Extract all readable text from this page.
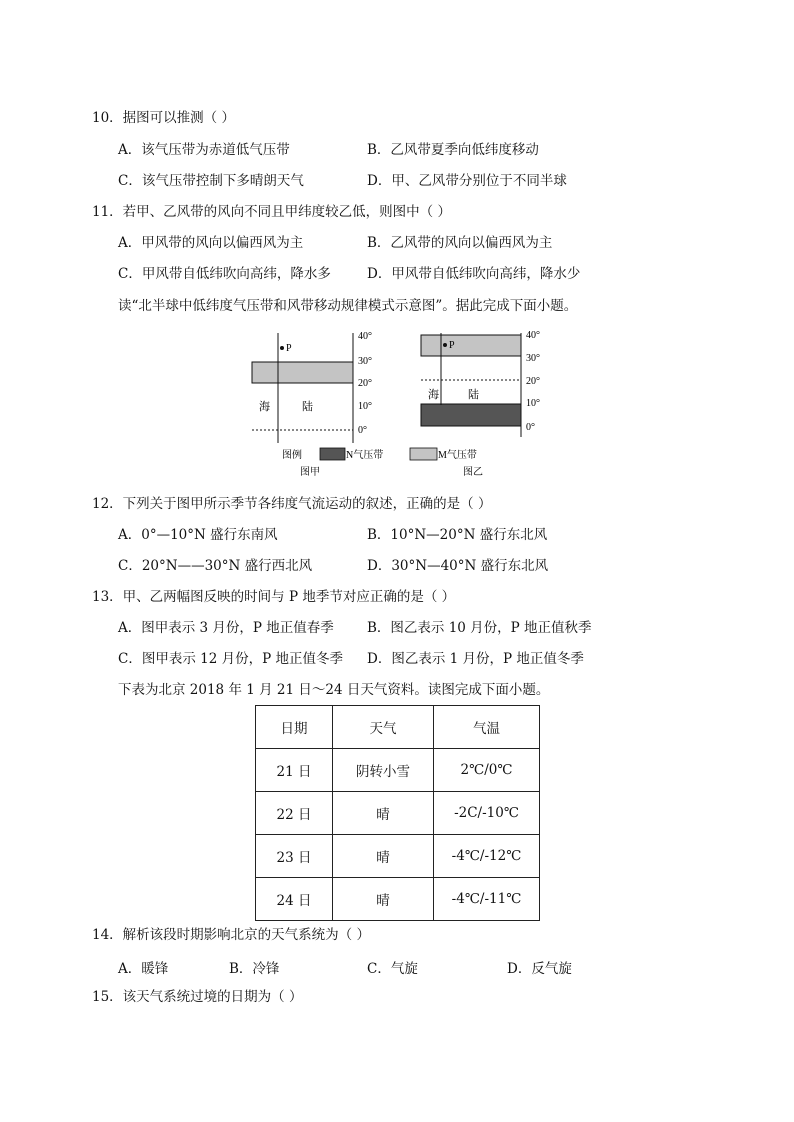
10．据图可以推测（ ）
A．该气压带为赤道低气压带	B．乙风带夏季向低纬度移动
C．该气压带控制下多晴朗天气	D．甲、乙风带分别位于不同半球
11．若甲、乙风带的风向不同且甲纬度较乙低，则图中（ ）
A．甲风带的风向以偏西风为主	B．乙风带的风向以偏西风为主
C．甲风带自低纬吹向高纬，降水多	D．甲风带自低纬吹向高纬，降水少
读“北半球中低纬度气压带和风带移动规律模式示意图”。据此完成下面小题。
P
海	陆
40°
30°
20°
10°
0°
P
海	陆
40°
30°
20°
10°
0°
图例	N气压带	M气压带
图甲	图乙
12．下列关于图甲所示季节各纬度气流运动的叙述，正确的是（ ）
A．0°—10°N 盛行东南风	B．10°N—20°N 盛行东北风
C．20°N——30°N 盛行西北风	D．30°N—40°N 盛行东北风
13．甲、乙两幅图反映的时间与 P 地季节对应正确的是（ ）
A．图甲表示 3 月份，P 地正值春季 B．图乙表示 10 月份，P 地正值秋季
C．图甲表示 12 月份，P 地正值冬季 D．图乙表示 1 月份，P 地正值冬季
下表为北京 2018 年 1 月 21 日～24 日天气资料。读图完成下面小题。
日期	天气	气温
21 日	阴转小雪	2℃/0℃
22 日	晴	-2C/-10℃
23 日	晴	-4℃/-12℃
24 日	晴	-4℃/-11℃
14．解析该段时期影响北京的天气系统为（ ）
A．暖锋	B．冷锋	C．气旋	D．反气旋
15．该天气系统过境的日期为（ ）
